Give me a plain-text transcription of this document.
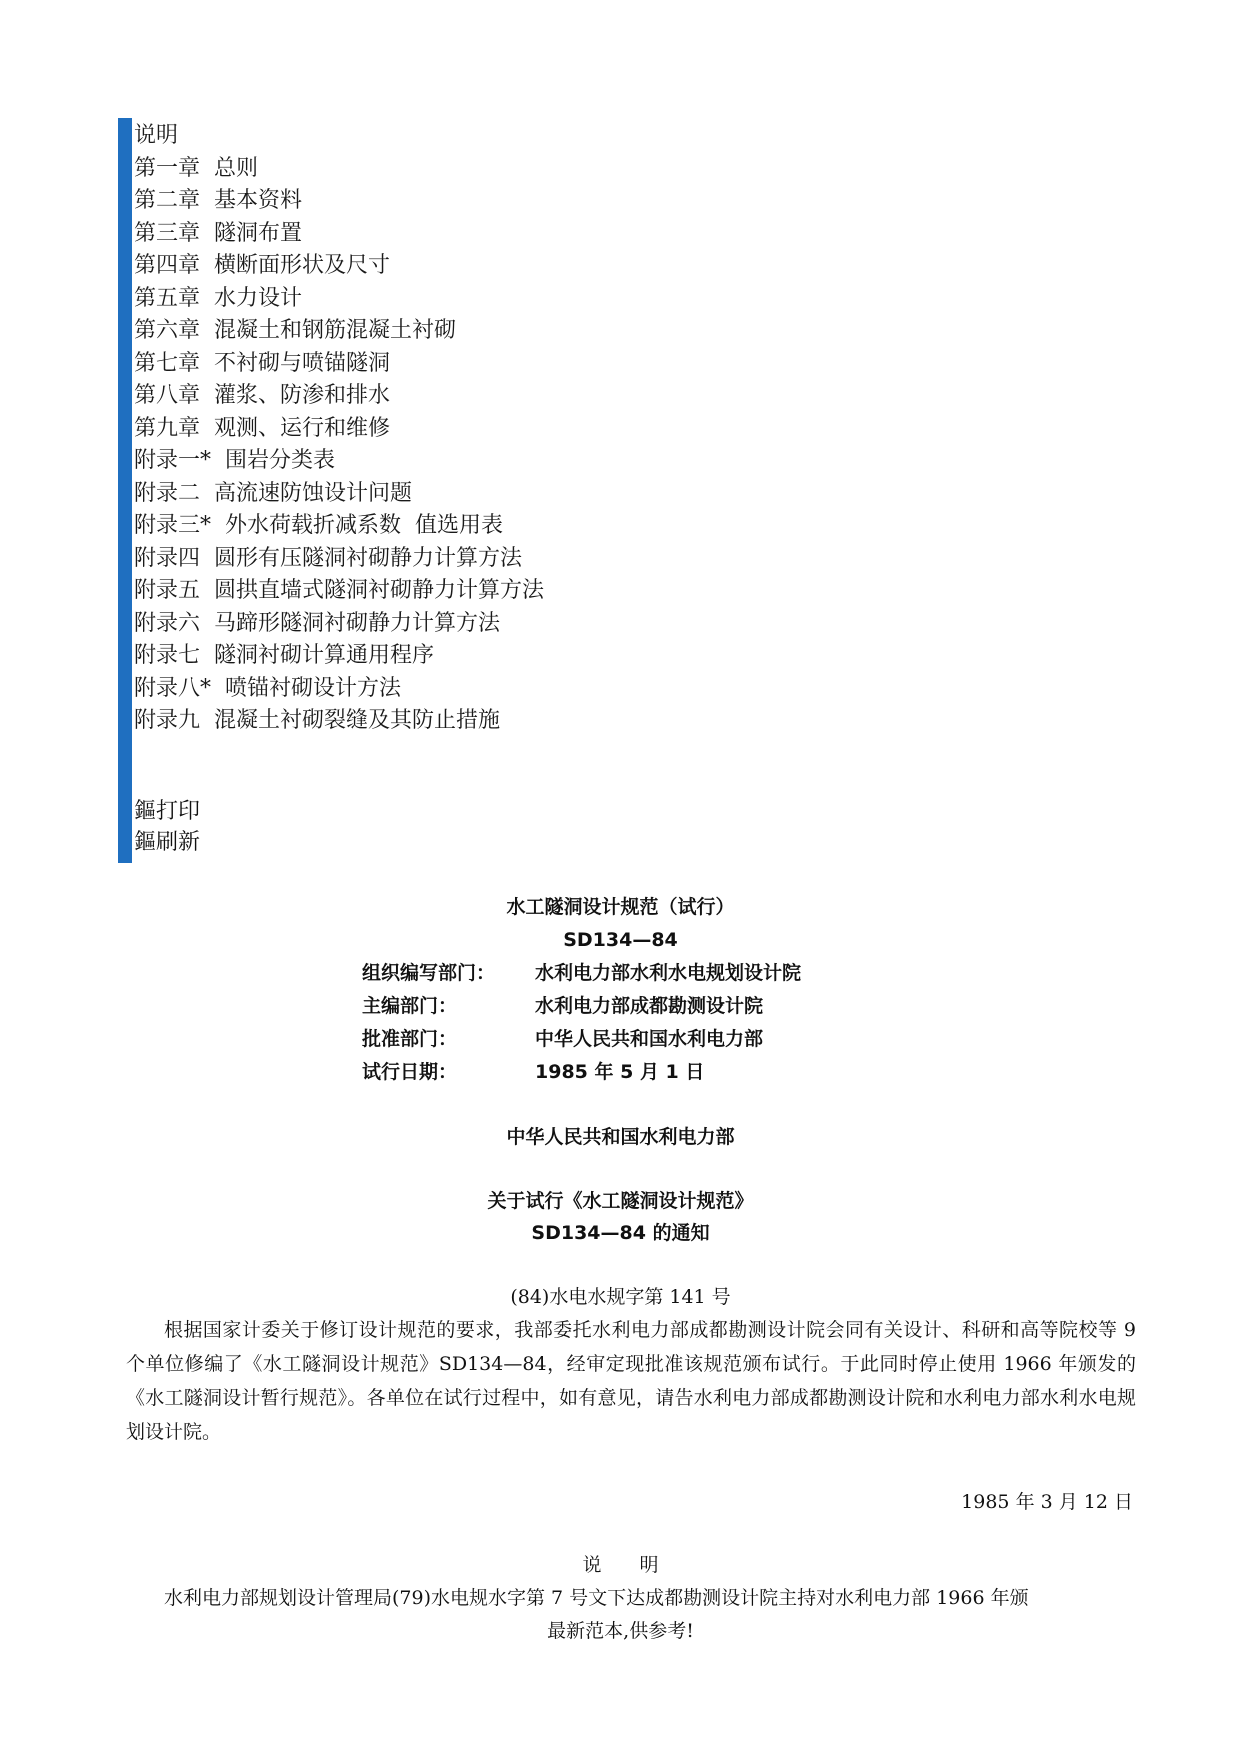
说明
第一章  总则
第二章  基本资料
第三章  隧洞布置
第四章  横断面形状及尺寸
第五章  水力设计
第六章  混凝土和钢筋混凝土衬砌
第七章  不衬砌与喷锚隧洞
第八章  灌浆、防渗和排水
第九章  观测、运行和维修
附录一*  围岩分类表
附录二  高流速防蚀设计问题
附录三*  外水荷载折减系数  值选用表
附录四  圆形有压隧洞衬砌静力计算方法
附录五  圆拱直墙式隧洞衬砌静力计算方法
附录六  马蹄形隧洞衬砌静力计算方法
附录七  隧洞衬砌计算通用程序
附录八*  喷锚衬砌设计方法
附录九  混凝土衬砌裂缝及其防止措施
鏂打印
鏂刷新
水工隧洞设计规范（试行）
SD134—84
组织编写部门： 水利电力部水利水电规划设计院
主编部门：	水利电力部成都勘测设计院
批准部门：	中华人民共和国水利电力部
试行日期：	1985 年 5 月 1 日
中华人民共和国水利电力部
关于试行《水工隧洞设计规范》
SD134—84 的通知
(84)水电水规字第 141 号
根据国家计委关于修订设计规范的要求，我部委托水利电力部成都勘测设计院会同有关设计、科研和高等院校等 9 个单位修编了《水工隧洞设计规范》SD134—84，经审定现批准该规范颁布试行。于此同时停止使用 1966 年颁发的《水工隧洞设计暂行规范》。各单位在试行过程中，如有意见，请告水利电力部成都勘测设计院和水利电力部水利水电规划设计院。
1985 年 3 月 12 日
说　　明
水利电力部规划设计管理局(79)水电规水字第 7 号文下达成都勘测设计院主持对水利电力部 1966 年颁
最新范本,供参考!
